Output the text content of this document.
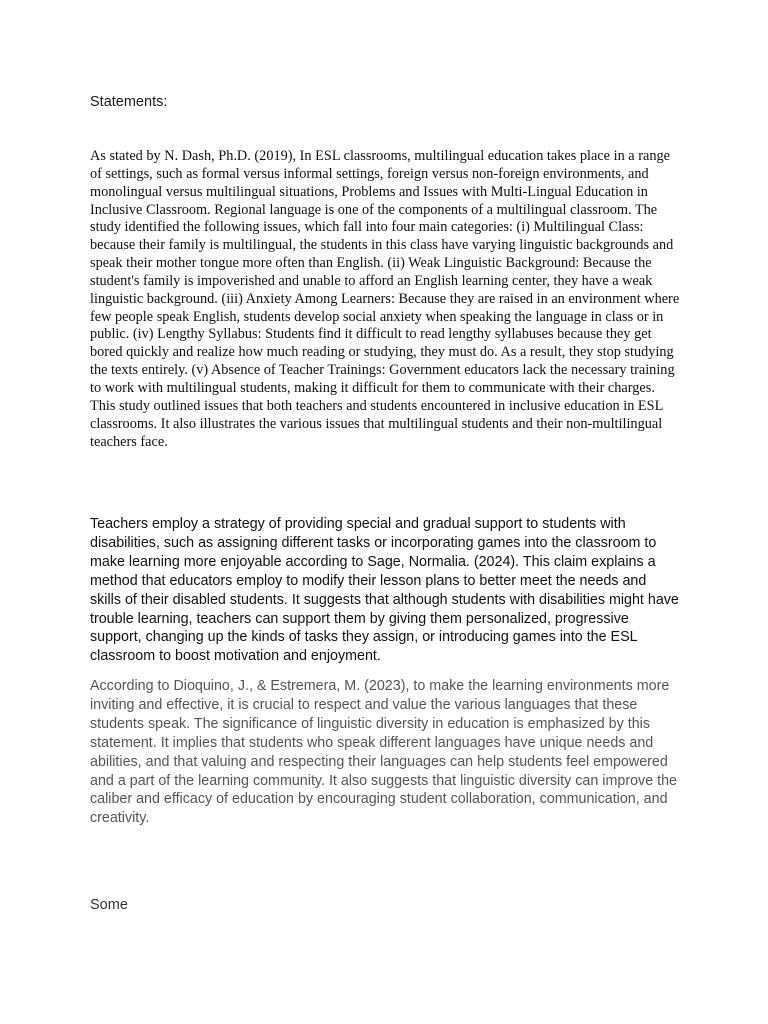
Statements:

As stated by N. Dash, Ph.D. (2019), In ESL classrooms, multilingual education takes place in a range of settings, such as formal versus informal settings, foreign versus non-foreign environments, and monolingual versus multilingual situations, Problems and Issues with Multi-Lingual Education in Inclusive Classroom. Regional language is one of the components of a multilingual classroom. The study identified the following issues, which fall into four main categories: (i) Multilingual Class: because their family is multilingual, the students in this class have varying linguistic backgrounds and speak their mother tongue more often than English. (ii) Weak Linguistic Background: Because the student's family is impoverished and unable to afford an English learning center, they have a weak linguistic background. (iii) Anxiety Among Learners: Because they are raised in an environment where few people speak English, students develop social anxiety when speaking the language in class or in public. (iv) Lengthy Syllabus: Students find it difficult to read lengthy syllabuses because they get bored quickly and realize how much reading or studying, they must do. As a result, they stop studying the texts entirely. (v) Absence of Teacher Trainings: Government educators lack the necessary training to work with multilingual students, making it difficult for them to communicate with their charges. This study outlined issues that both teachers and students encountered in inclusive education in ESL classrooms. It also illustrates the various issues that multilingual students and their non-multilingual teachers face.

Teachers employ a strategy of providing special and gradual support to students with disabilities, such as assigning different tasks or incorporating games into the classroom to make learning more enjoyable according to Sage, Normalia. (2024). This claim explains a method that educators employ to modify their lesson plans to better meet the needs and skills of their disabled students. It suggests that although students with disabilities might have trouble learning, teachers can support them by giving them personalized, progressive support, changing up the kinds of tasks they assign, or introducing games into the ESL classroom to boost motivation and enjoyment.

According to Dioquino, J., & Estremera, M. (2023), to make the learning environments more inviting and effective, it is crucial to respect and value the various languages that these students speak. The significance of linguistic diversity in education is emphasized by this statement. It implies that students who speak different languages have unique needs and abilities, and that valuing and respecting their languages can help students feel empowered and a part of the learning community. It also suggests that linguistic diversity can improve the caliber and efficacy of education by encouraging student collaboration, communication, and creativity.

Some
